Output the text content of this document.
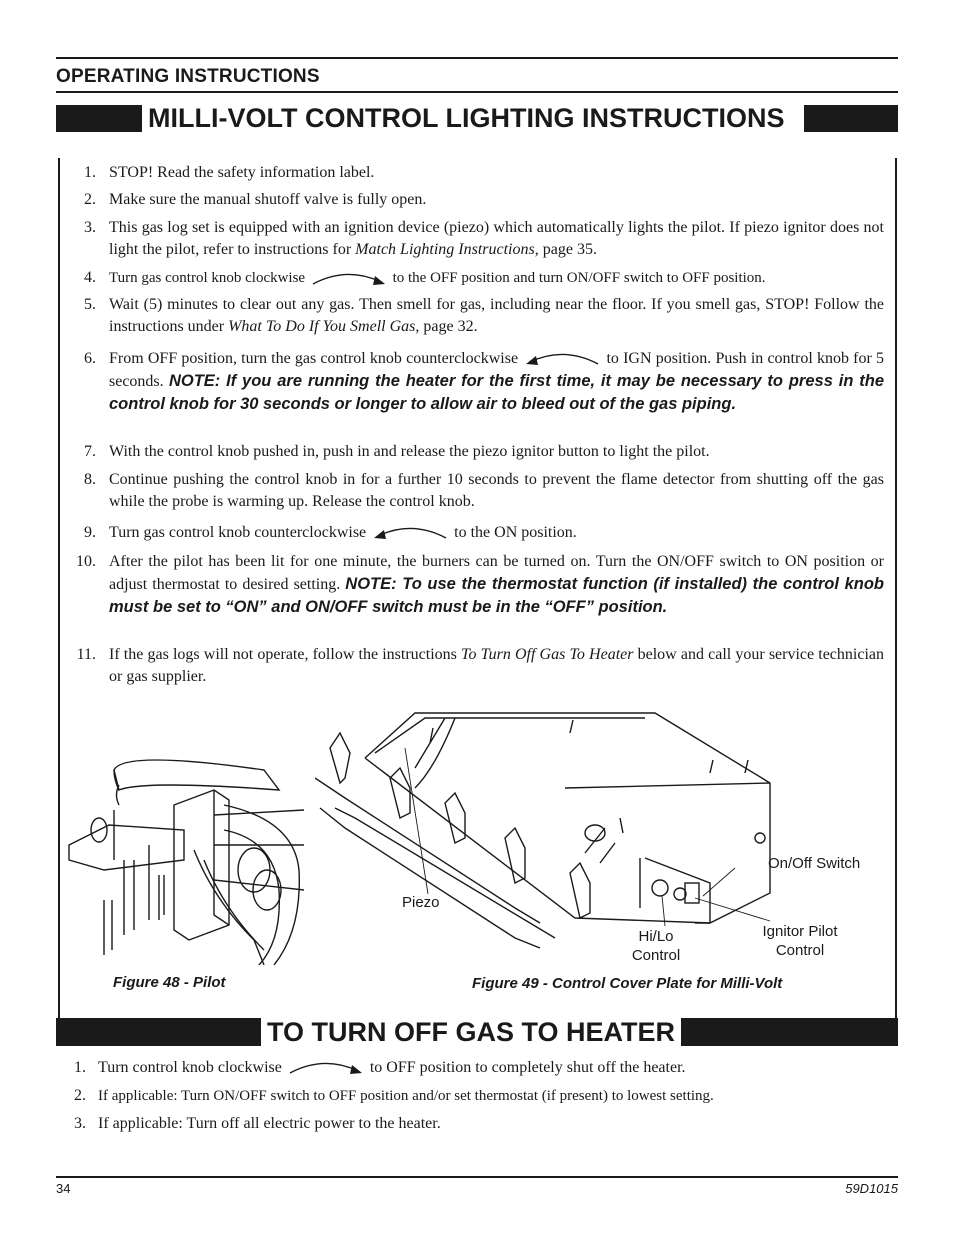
OPERATING INSTRUCTIONS
MILLI-VOLT CONTROL LIGHTING INSTRUCTIONS
1. STOP! Read the safety information label.
2. Make sure the manual shutoff valve is fully open.
3. This gas log set is equipped with an ignition device (piezo) which automatically lights the pilot. If piezo ignitor does not light the pilot, refer to instructions for Match Lighting Instructions, page 35.
4. Turn gas control knob clockwise	to the OFF position and turn ON/OFF switch to OFF position.
5. Wait (5) minutes to clear out any gas. Then smell for gas, including near the floor. If you smell gas, STOP! Follow the instructions under What To Do If You Smell Gas, page 32.
6. From OFF position, turn the gas control knob counterclockwise	to IGN position. Push in control knob for 5 seconds. NOTE: If you are running the heater for the first time, it may be necessary to press in the control knob for 30 seconds or longer to allow air to bleed out of the gas piping.
7. With the control knob pushed in, push in and release the piezo ignitor button to light the pilot.
8. Continue pushing the control knob in for a further 10 seconds to prevent the flame detector from shutting off the gas while the probe is warming up. Release the control knob.
9. Turn gas control knob counterclockwise	to the ON position.
10. After the pilot has been lit for one minute, the burners can be turned on. Turn the ON/OFF switch to ON position or adjust thermostat to desired setting. NOTE: To use the thermostat function (if installed) the control knob must be set to “ON” and ON/OFF switch must be in the “OFF” position.
11. If the gas logs will not operate, follow the instructions To Turn Off Gas To Heater below and call your service technician or gas supplier.
Piezo
Hi/Lo
Control
On/Off Switch
Ignitor Pilot
Control
Figure 48 - Pilot	Figure 49 - Control Cover Plate for Milli-Volt
TO TURN OFF GAS TO HEATER
1. Turn control knob clockwise	to OFF position to completely shut off the heater.
2. If applicable: Turn ON/OFF switch to OFF position and/or set thermostat (if present) to lowest setting.
3. If applicable: Turn off all electric power to the heater.
34	59D1015
